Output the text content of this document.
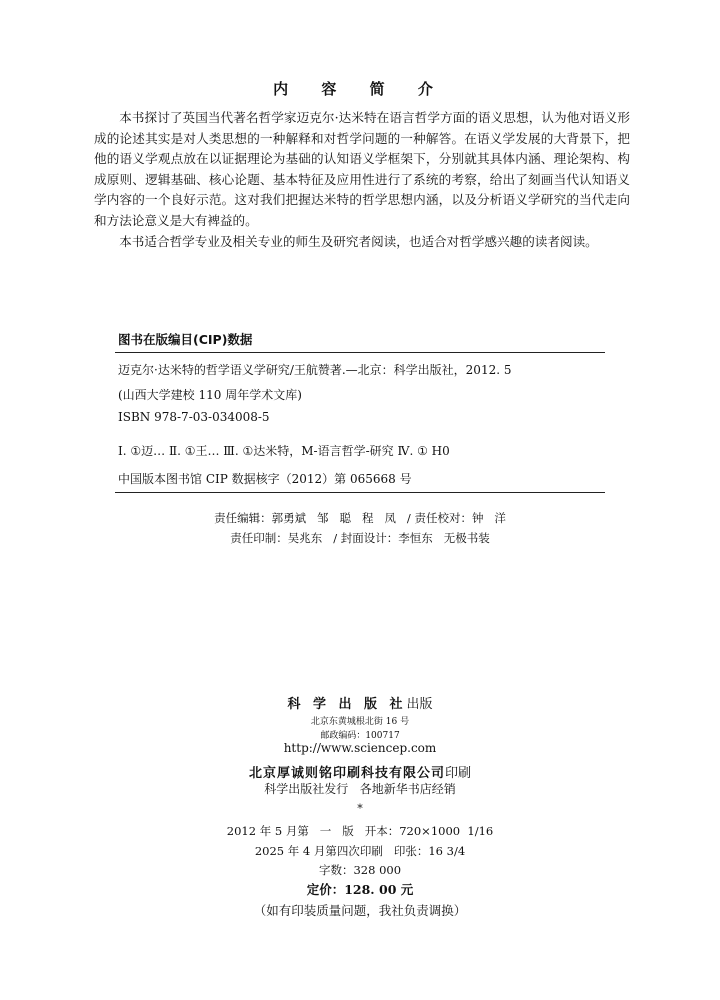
内 容 简 介

本书探讨了英国当代著名哲学家迈克尔·达米特在语言哲学方面的语义思想，认为他对语义形成的论述其实是对人类思想的一种解释和对哲学问题的一种解答。在语义学发展的大背景下，把他的语义学观点放在以证据理论为基础的认知语义学框架下，分别就其具体内涵、理论架构、构成原则、逻辑基础、核心论题、基本特征及应用性进行了系统的考察，给出了刻画当代认知语义学内容的一个良好示范。这对我们把握达米特的哲学思想内涵，以及分析语义学研究的当代走向和方法论意义是大有裨益的。

本书适合哲学专业及相关专业的师生及研究者阅读，也适合对哲学感兴趣的读者阅读。

图书在版编目(CIP)数据
迈克尔·达米特的哲学语义学研究/王航赞著.—北京：科学出版社，2012. 5
(山西大学建校 110 周年学术文库)
ISBN 978-7-03-034008-5
Ⅰ. ①迈… Ⅱ. ①王… Ⅲ. ①达米特，M-语言哲学-研究 Ⅳ. ① H0
中国版本图书馆 CIP 数据核字（2012）第 065668 号
责任编辑：郭勇斌   邹   聪   程   凤   / 责任校对：钟   洋
责任印制：吴兆东   / 封面设计：李恒东   无极书装
科 学 出 版 社出版
北京东黄城根北街 16 号
邮政编码：100717
http://www.sciencep.com
北京厚诚则铭印刷科技有限公司印刷
科学出版社发行   各地新华书店经销
*
2012 年 5 月第   一   版   开本：720×1000  1/16
2025 年 4 月第四次印刷   印张：16 3/4
字数：328 000
定价：128. 00 元
（如有印装质量问题，我社负责调换）
